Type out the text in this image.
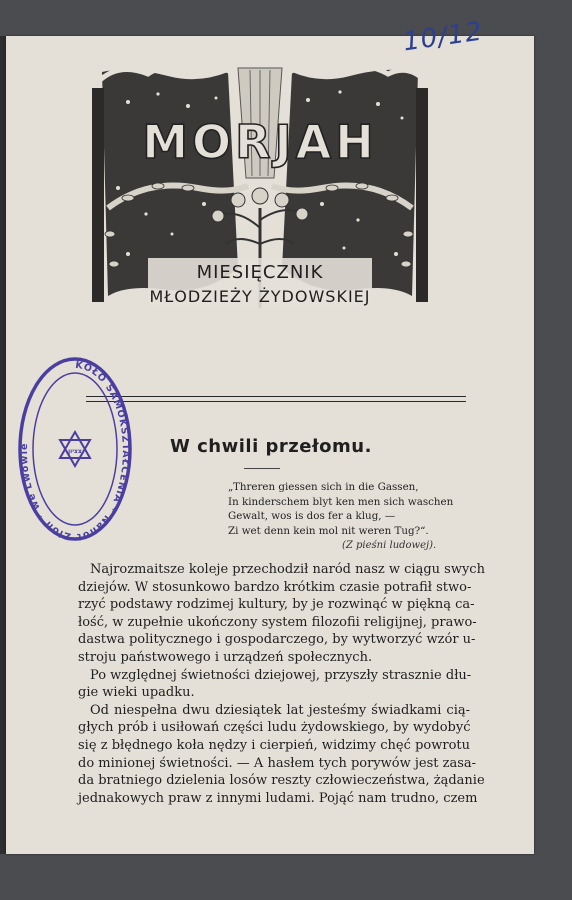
10/12
MORJAH
MIESIĘCZNIK
MŁODZIEŻY ŻYDOWSKIEJ
KOŁO SAMOKSZTAŁCENIA * Nanot Zion * we Lwowie
צציון	W chwili przełomu.
„Threren giessen sich in die Gassen,
In kinderschem blyt ken men sich waschen
Gewalt, wos is dos fer a klug, —
Zi wet denn kein mol nit weren Tug?“.
(Z pieśni ludowej).

Najrozmaitsze koleje przechodził naród nasz w ciągu swych
dziejów. W stosunkowo bardzo krótkim czasie potrafił stwo-
rzyć podstawy rodzimej kultury, by je rozwinąć w piękną ca-
łość, w zupełnie ukończony system filozofii religijnej, prawo-
dastwa politycznego i gospodarczego, by wytworzyć wzór u-
stroju państwowego i urządzeń społecznych.

Po względnej świetności dziejowej, przyszły strasznie dłu-
gie wieki upadku.

Od niespełna dwu dziesiątek lat jesteśmy świadkami cią-
głych prób i usiłowań części ludu żydowskiego, by wydobyć
się z błędnego koła nędzy i cierpień, widzimy chęć powrotu
do minionej świetności. — A hasłem tych porywów jest zasa-
da bratniego dzielenia losów reszty człowieczeństwa, żądanie
jednakowych praw z innymi ludami. Pojąć nam trudno, czem
